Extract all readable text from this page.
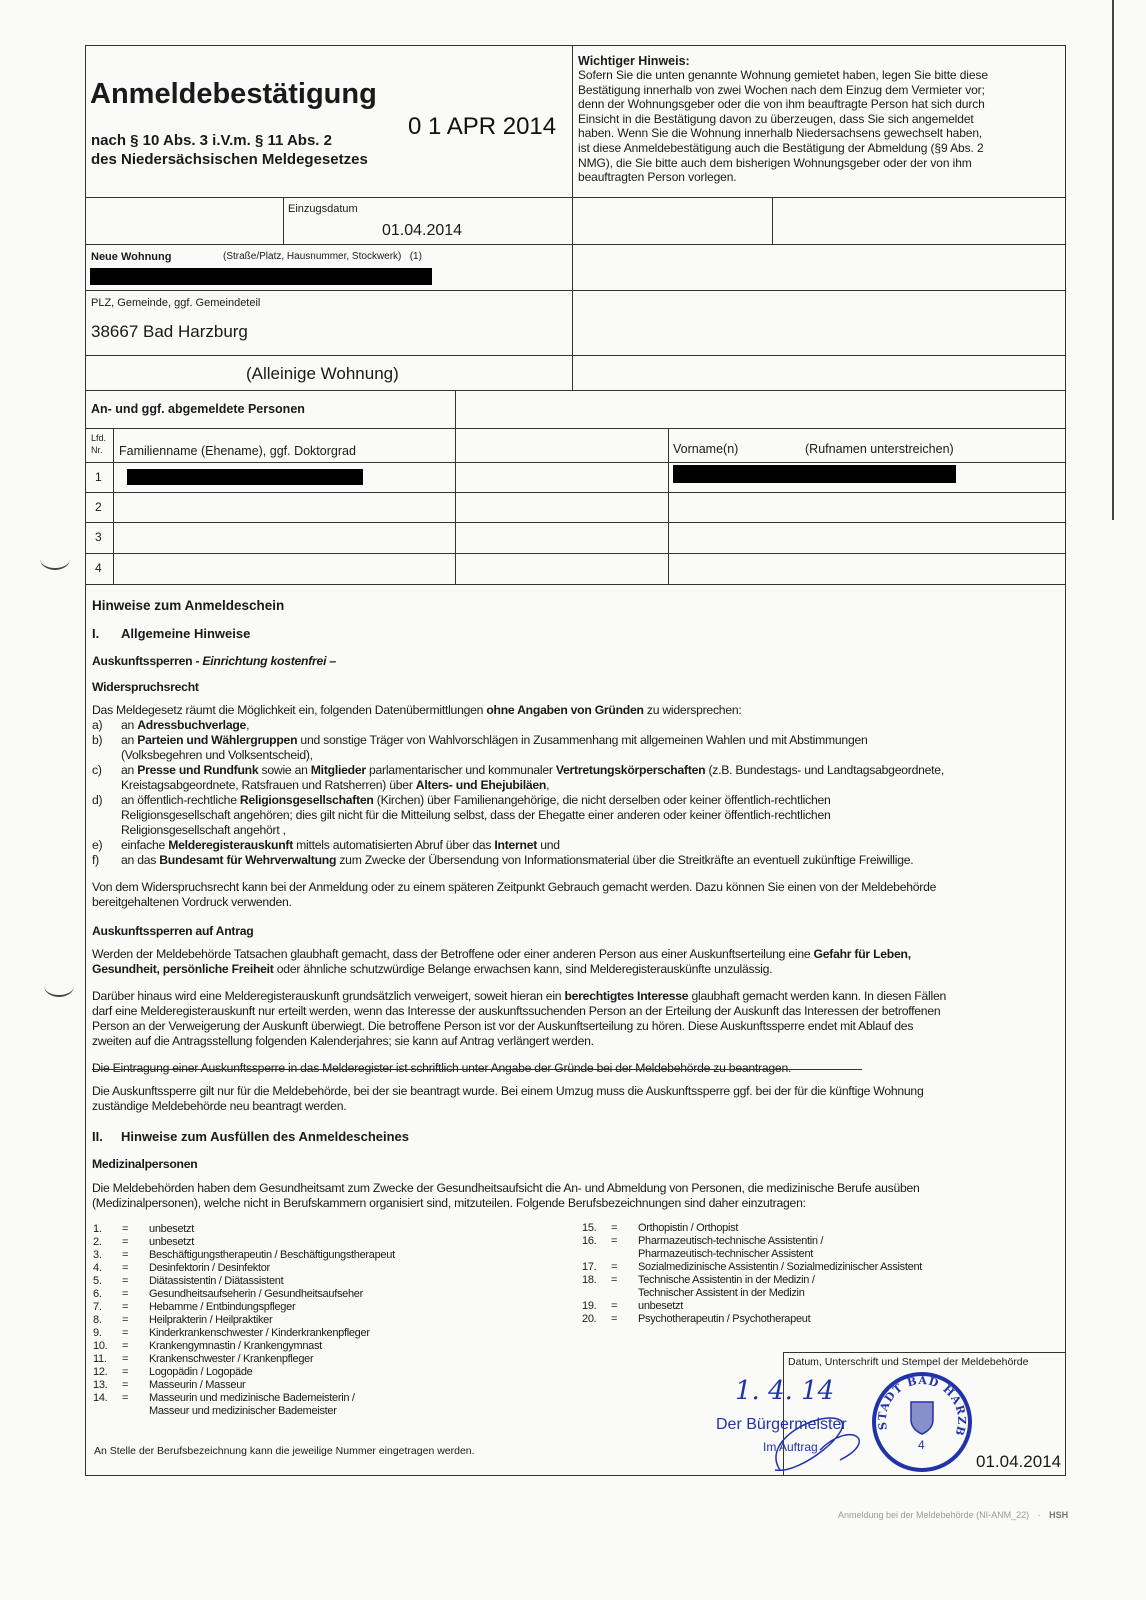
Anmeldebestätigung
nach § 10 Abs. 3 i.V.m. § 11 Abs. 2
des Niedersächsischen Meldegesetzes
0 1 APR 2014
Wichtiger Hinweis:
Sofern Sie die unten genannte Wohnung gemietet haben, legen Sie bitte diese
Bestätigung innerhalb von zwei Wochen nach dem Einzug dem Vermieter vor;
denn der Wohnungsgeber oder die von ihm beauftragte Person hat sich durch
Einsicht in die Bestätigung davon zu überzeugen, dass Sie sich angemeldet
haben. Wenn Sie die Wohnung innerhalb Niedersachsens gewechselt haben,
ist diese Anmeldebestätigung auch die Bestätigung der Abmeldung (§9 Abs. 2
NMG), die Sie bitte auch dem bisherigen Wohnungsgeber oder der von ihm
beauftragten Person vorlegen.
Einzugsdatum
01.04.2014
Neue Wohnung	(Straße/Platz, Hausnummer, Stockwerk)   (1)
PLZ, Gemeinde, ggf. Gemeindeteil
38667 Bad Harzburg
(Alleinige Wohnung)
An- und ggf. abgemeldete Personen
Lfd.
Nr. Familienname (Ehename), ggf. Doktorgrad	Vorname(n)	(Rufnamen unterstreichen)
1
2
3
4
Hinweise zum Anmeldeschein
I. Allgemeine Hinweise
Auskunftssperren - Einrichtung kostenfrei –
Widerspruchsrecht
Das Meldegesetz räumt die Möglichkeit ein, folgenden Datenübermittlungen ohne Angaben von Gründen zu widersprechen:
a)	an Adressbuchverlage,
b)	an Parteien und Wählergruppen und sonstige Träger von Wahlvorschlägen in Zusammenhang mit allgemeinen Wahlen und mit Abstimmungen
(Volksbegehren und Volksentscheid),
c)	an Presse und Rundfunk sowie an Mitglieder parlamentarischer und kommunaler Vertretungskörperschaften (z.B. Bundestags- und Landtagsabgeordnete,
Kreistagsabgeordnete, Ratsfrauen und Ratsherren) über Alters- und Ehejubiläen,
d)	an öffentlich-rechtliche Religionsgesellschaften (Kirchen) über Familienangehörige, die nicht derselben oder keiner öffentlich-rechtlichen
Religionsgesellschaft angehören; dies gilt nicht für die Mitteilung selbst, dass der Ehegatte einer anderen oder keiner öffentlich-rechtlichen
Religionsgesellschaft angehört ,
e)	einfache Melderegisterauskunft mittels automatisierten Abruf über das Internet und
f)	an das Bundesamt für Wehrverwaltung zum Zwecke der Übersendung von Informationsmaterial über die Streitkräfte an eventuell zukünftige Freiwillige.
Von dem Widerspruchsrecht kann bei der Anmeldung oder zu einem späteren Zeitpunkt Gebrauch gemacht werden. Dazu können Sie einen von der Meldebehörde
bereitgehaltenen Vordruck verwenden.
Auskunftssperren auf Antrag
Werden der Meldebehörde Tatsachen glaubhaft gemacht, dass der Betroffene oder einer anderen Person aus einer Auskunftserteilung eine Gefahr für Leben,
Gesundheit, persönliche Freiheit oder ähnliche schutzwürdige Belange erwachsen kann, sind Melderegisterauskünfte unzulässig.
Darüber hinaus wird eine Melderegisterauskunft grundsätzlich verweigert, soweit hieran ein berechtigtes Interesse glaubhaft gemacht werden kann. In diesen Fällen
darf eine Melderegisterauskunft nur erteilt werden, wenn das Interesse der auskunftssuchenden Person an der Erteilung der Auskunft das Interessen der betroffenen
Person an der Verweigerung der Auskunft überwiegt. Die betroffene Person ist vor der Auskunftserteilung zu hören. Diese Auskunftssperre endet mit Ablauf des
zweiten auf die Antragsstellung folgenden Kalenderjahres; sie kann auf Antrag verlängert werden.
Die Eintragung einer Auskunftssperre in das Melderegister ist schriftlich unter Angabe der Gründe bei der Meldebehörde zu beantragen.
Die Auskunftssperre gilt nur für die Meldebehörde, bei der sie beantragt wurde. Bei einem Umzug muss die Auskunftssperre ggf. bei der für die künftige Wohnung
zuständige Meldebehörde neu beantragt werden.
II. Hinweise zum Ausfüllen des Anmeldescheines
Medizinalpersonen
Die Meldebehörden haben dem Gesundheitsamt zum Zwecke der Gesundheitsaufsicht die An- und Abmeldung von Personen, die medizinische Berufe ausüben
(Medizinalpersonen), welche nicht in Berufskammern organisiert sind, mitzuteilen. Folgende Berufsbezeichnungen sind daher einzutragen:
1. = unbesetzt
2. = unbesetzt
3. = Beschäftigungstherapeutin / Beschäftigungstherapeut
4. = Desinfektorin / Desinfektor
5. = Diätassistentin / Diätassistent
6. = Gesundheitsaufseherin / Gesundheitsaufseher
7. = Hebamme / Entbindungspfleger
8. = Heilprakterin / Heilpraktiker
9. = Kinderkrankenschwester / Kinderkrankenpfleger
10. = Krankengymnastin / Krankengymnast
11. = Krankenschwester / Krankenpfleger
12. = Logopädin / Logopäde
13. = Masseurin / Masseur
14. = Masseurin und medizinische Bademeisterin /
Masseur und medizinischer Bademeister
15. = Orthopistin / Orthopist
16. = Pharmazeutisch-technische Assistentin /
Pharmazeutisch-technischer Assistent
17. = Sozialmedizinische Assistentin / Sozialmedizinischer Assistent
18. = Technische Assistentin in der Medizin /
Technischer Assistent in der Medizin
19. = unbesetzt
20. = Psychotherapeutin / Psychotherapeut
An Stelle der Berufsbezeichnung kann die jeweilige Nummer eingetragen werden.
Datum, Unterschrift und Stempel der Meldebehörde
01.04.2014
1. 4. 14
Der Bürgermeister
Im Auftrag
STADT BAD HARZB
4
Anmeldung bei der Meldebehörde (NI-ANM_22) · HSH
